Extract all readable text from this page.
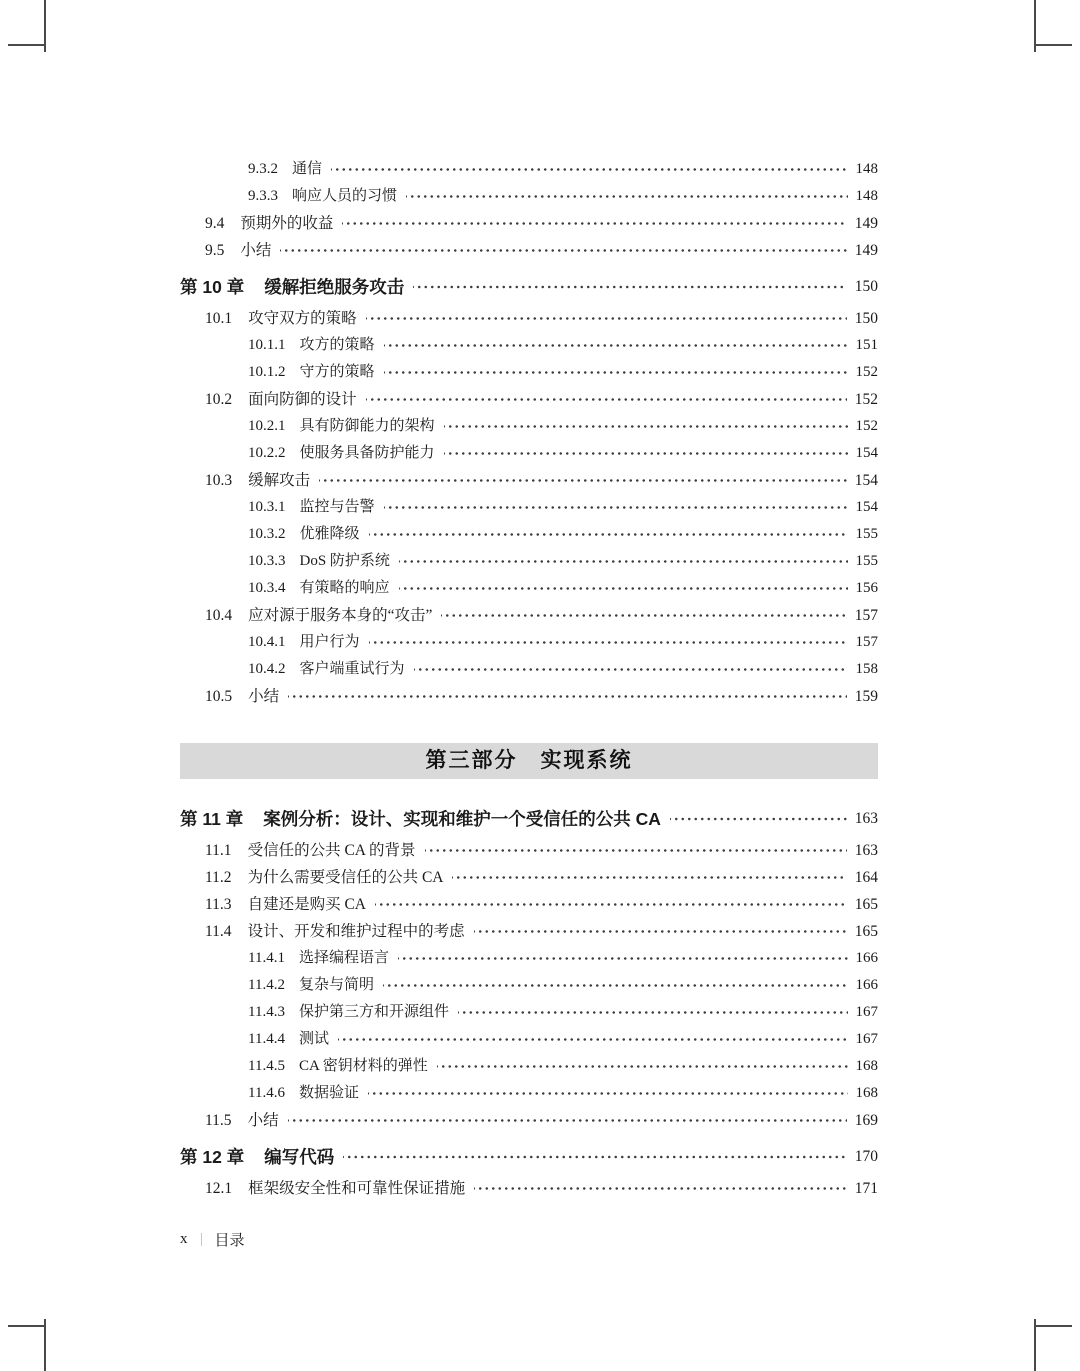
9.3.2 通信	148
9.3.3 响应人员的习惯	148
9.4 预期外的收益	149
9.5 小结	149
第 10 章 缓解拒绝服务攻击	150
10.1 攻守双方的策略	150
10.1.1 攻方的策略	151
10.1.2 守方的策略	152
10.2 面向防御的设计	152
10.2.1 具有防御能力的架构	152
10.2.2 使服务具备防护能力	154
10.3 缓解攻击	154
10.3.1 监控与告警	154
10.3.2 优雅降级	155
10.3.3 DoS 防护系统	155
10.3.4 有策略的响应	156
10.4 应对源于服务本身的“攻击”	157
10.4.1 用户行为	157
10.4.2 客户端重试行为	158
10.5 小结	159
第三部分　实现系统
第 11 章 案例分析：设计、实现和维护一个受信任的公共 CA	163
11.1 受信任的公共 CA 的背景	163
11.2 为什么需要受信任的公共 CA	164
11.3 自建还是购买 CA	165
11.4 设计、开发和维护过程中的考虑	165
11.4.1 选择编程语言	166
11.4.2 复杂与简明	166
11.4.3 保护第三方和开源组件	167
11.4.4 测试	167
11.4.5 CA 密钥材料的弹性	168
11.4.6 数据验证	168
11.5 小结	169
第 12 章 编写代码	170
12.1 框架级安全性和可靠性保证措施	171
x | 目录
